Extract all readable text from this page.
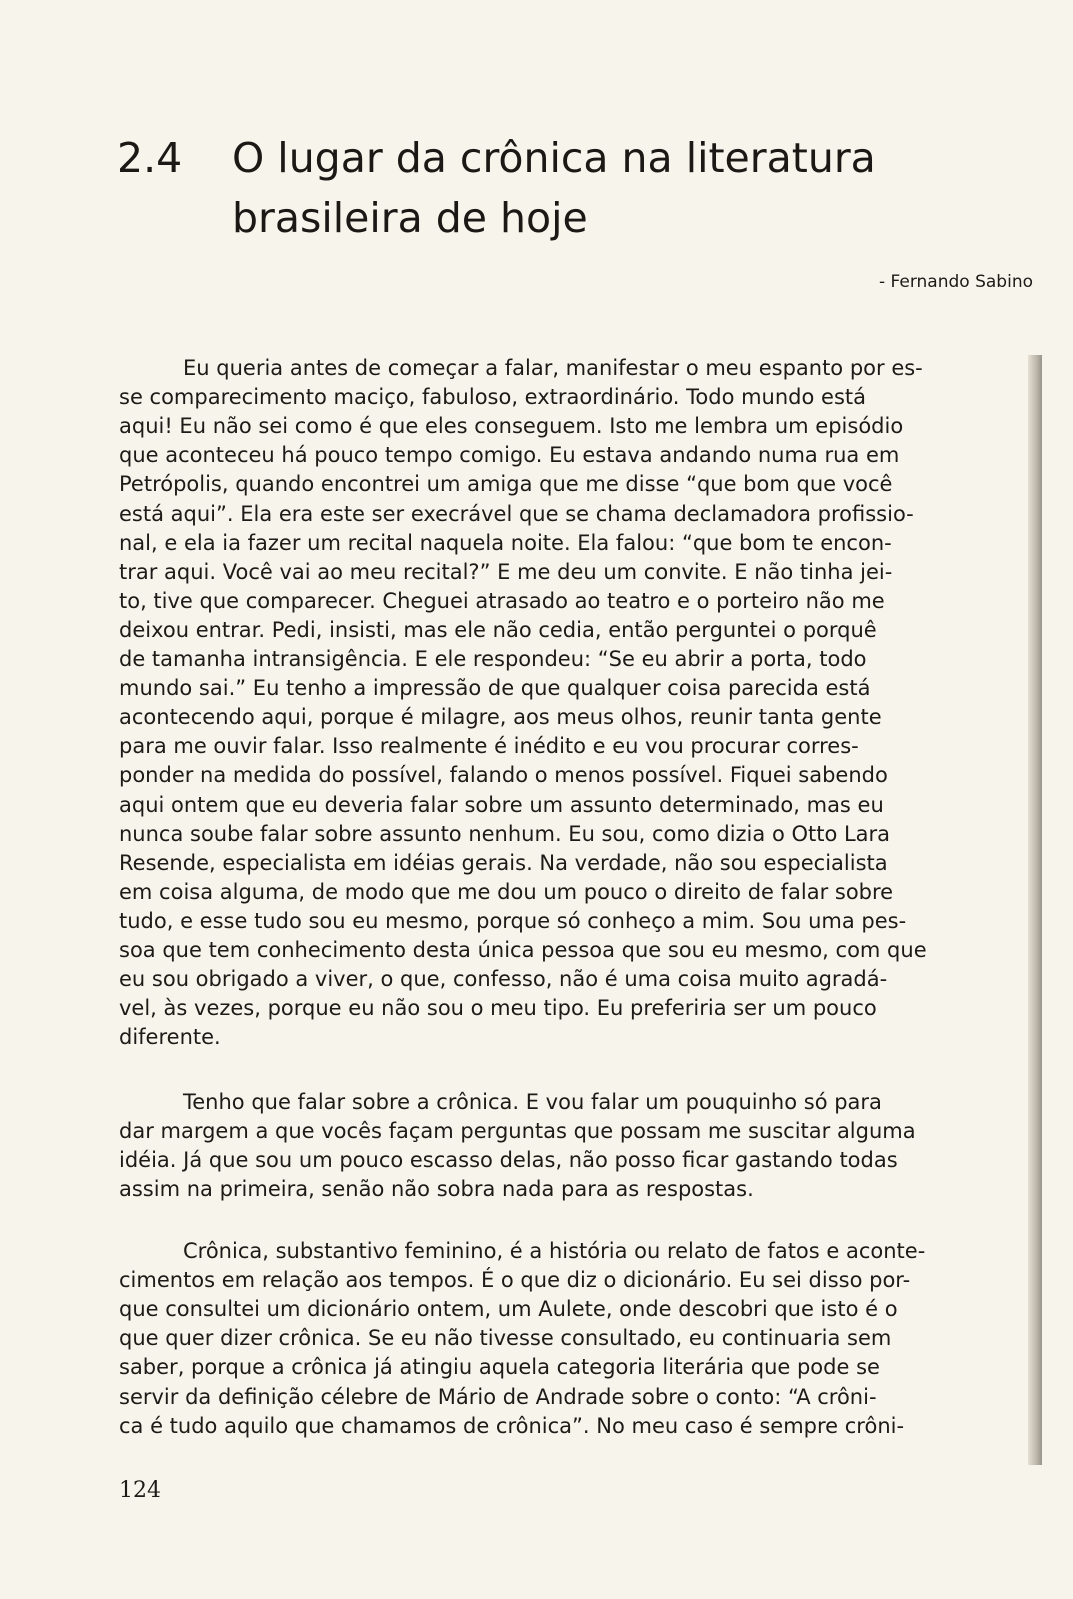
2.4 O lugar da crônica na literatura
brasileira de hoje
- Fernando Sabino
Eu queria antes de começar a falar, manifestar o meu espanto por es-
se comparecimento maciço, fabuloso, extraordinário. Todo mundo está
aqui! Eu não sei como é que eles conseguem. Isto me lembra um episódio
que aconteceu há pouco tempo comigo. Eu estava andando numa rua em
Petrópolis, quando encontrei um amiga que me disse “que bom que você
está aqui”. Ela era este ser execrável que se chama declamadora profissio-
nal, e ela ia fazer um recital naquela noite. Ela falou: “que bom te encon-
trar aqui. Você vai ao meu recital?” E me deu um convite. E não tinha jei-
to, tive que comparecer. Cheguei atrasado ao teatro e o porteiro não me
deixou entrar. Pedi, insisti, mas ele não cedia, então perguntei o porquê
de tamanha intransigência. E ele respondeu: “Se eu abrir a porta, todo
mundo sai.” Eu tenho a impressão de que qualquer coisa parecida está
acontecendo aqui, porque é milagre, aos meus olhos, reunir tanta gente
para me ouvir falar. Isso realmente é inédito e eu vou procurar corres-
ponder na medida do possível, falando o menos possível. Fiquei sabendo
aqui ontem que eu deveria falar sobre um assunto determinado, mas eu
nunca soube falar sobre assunto nenhum. Eu sou, como dizia o Otto Lara
Resende, especialista em idéias gerais. Na verdade, não sou especialista
em coisa alguma, de modo que me dou um pouco o direito de falar sobre
tudo, e esse tudo sou eu mesmo, porque só conheço a mim. Sou uma pes-
soa que tem conhecimento desta única pessoa que sou eu mesmo, com que
eu sou obrigado a viver, o que, confesso, não é uma coisa muito agradá-
vel, às vezes, porque eu não sou o meu tipo. Eu preferiria ser um pouco
diferente.
Tenho que falar sobre a crônica. E vou falar um pouquinho só para
dar margem a que vocês façam perguntas que possam me suscitar alguma
idéia. Já que sou um pouco escasso delas, não posso ficar gastando todas
assim na primeira, senão não sobra nada para as respostas.
Crônica, substantivo feminino, é a história ou relato de fatos e aconte-
cimentos em relação aos tempos. É o que diz o dicionário. Eu sei disso por-
que consultei um dicionário ontem, um Aulete, onde descobri que isto é o
que quer dizer crônica. Se eu não tivesse consultado, eu continuaria sem
saber, porque a crônica já atingiu aquela categoria literária que pode se
servir da definição célebre de Mário de Andrade sobre o conto: “A crôni-
ca é tudo aquilo que chamamos de crônica”. No meu caso é sempre crôni-
124
